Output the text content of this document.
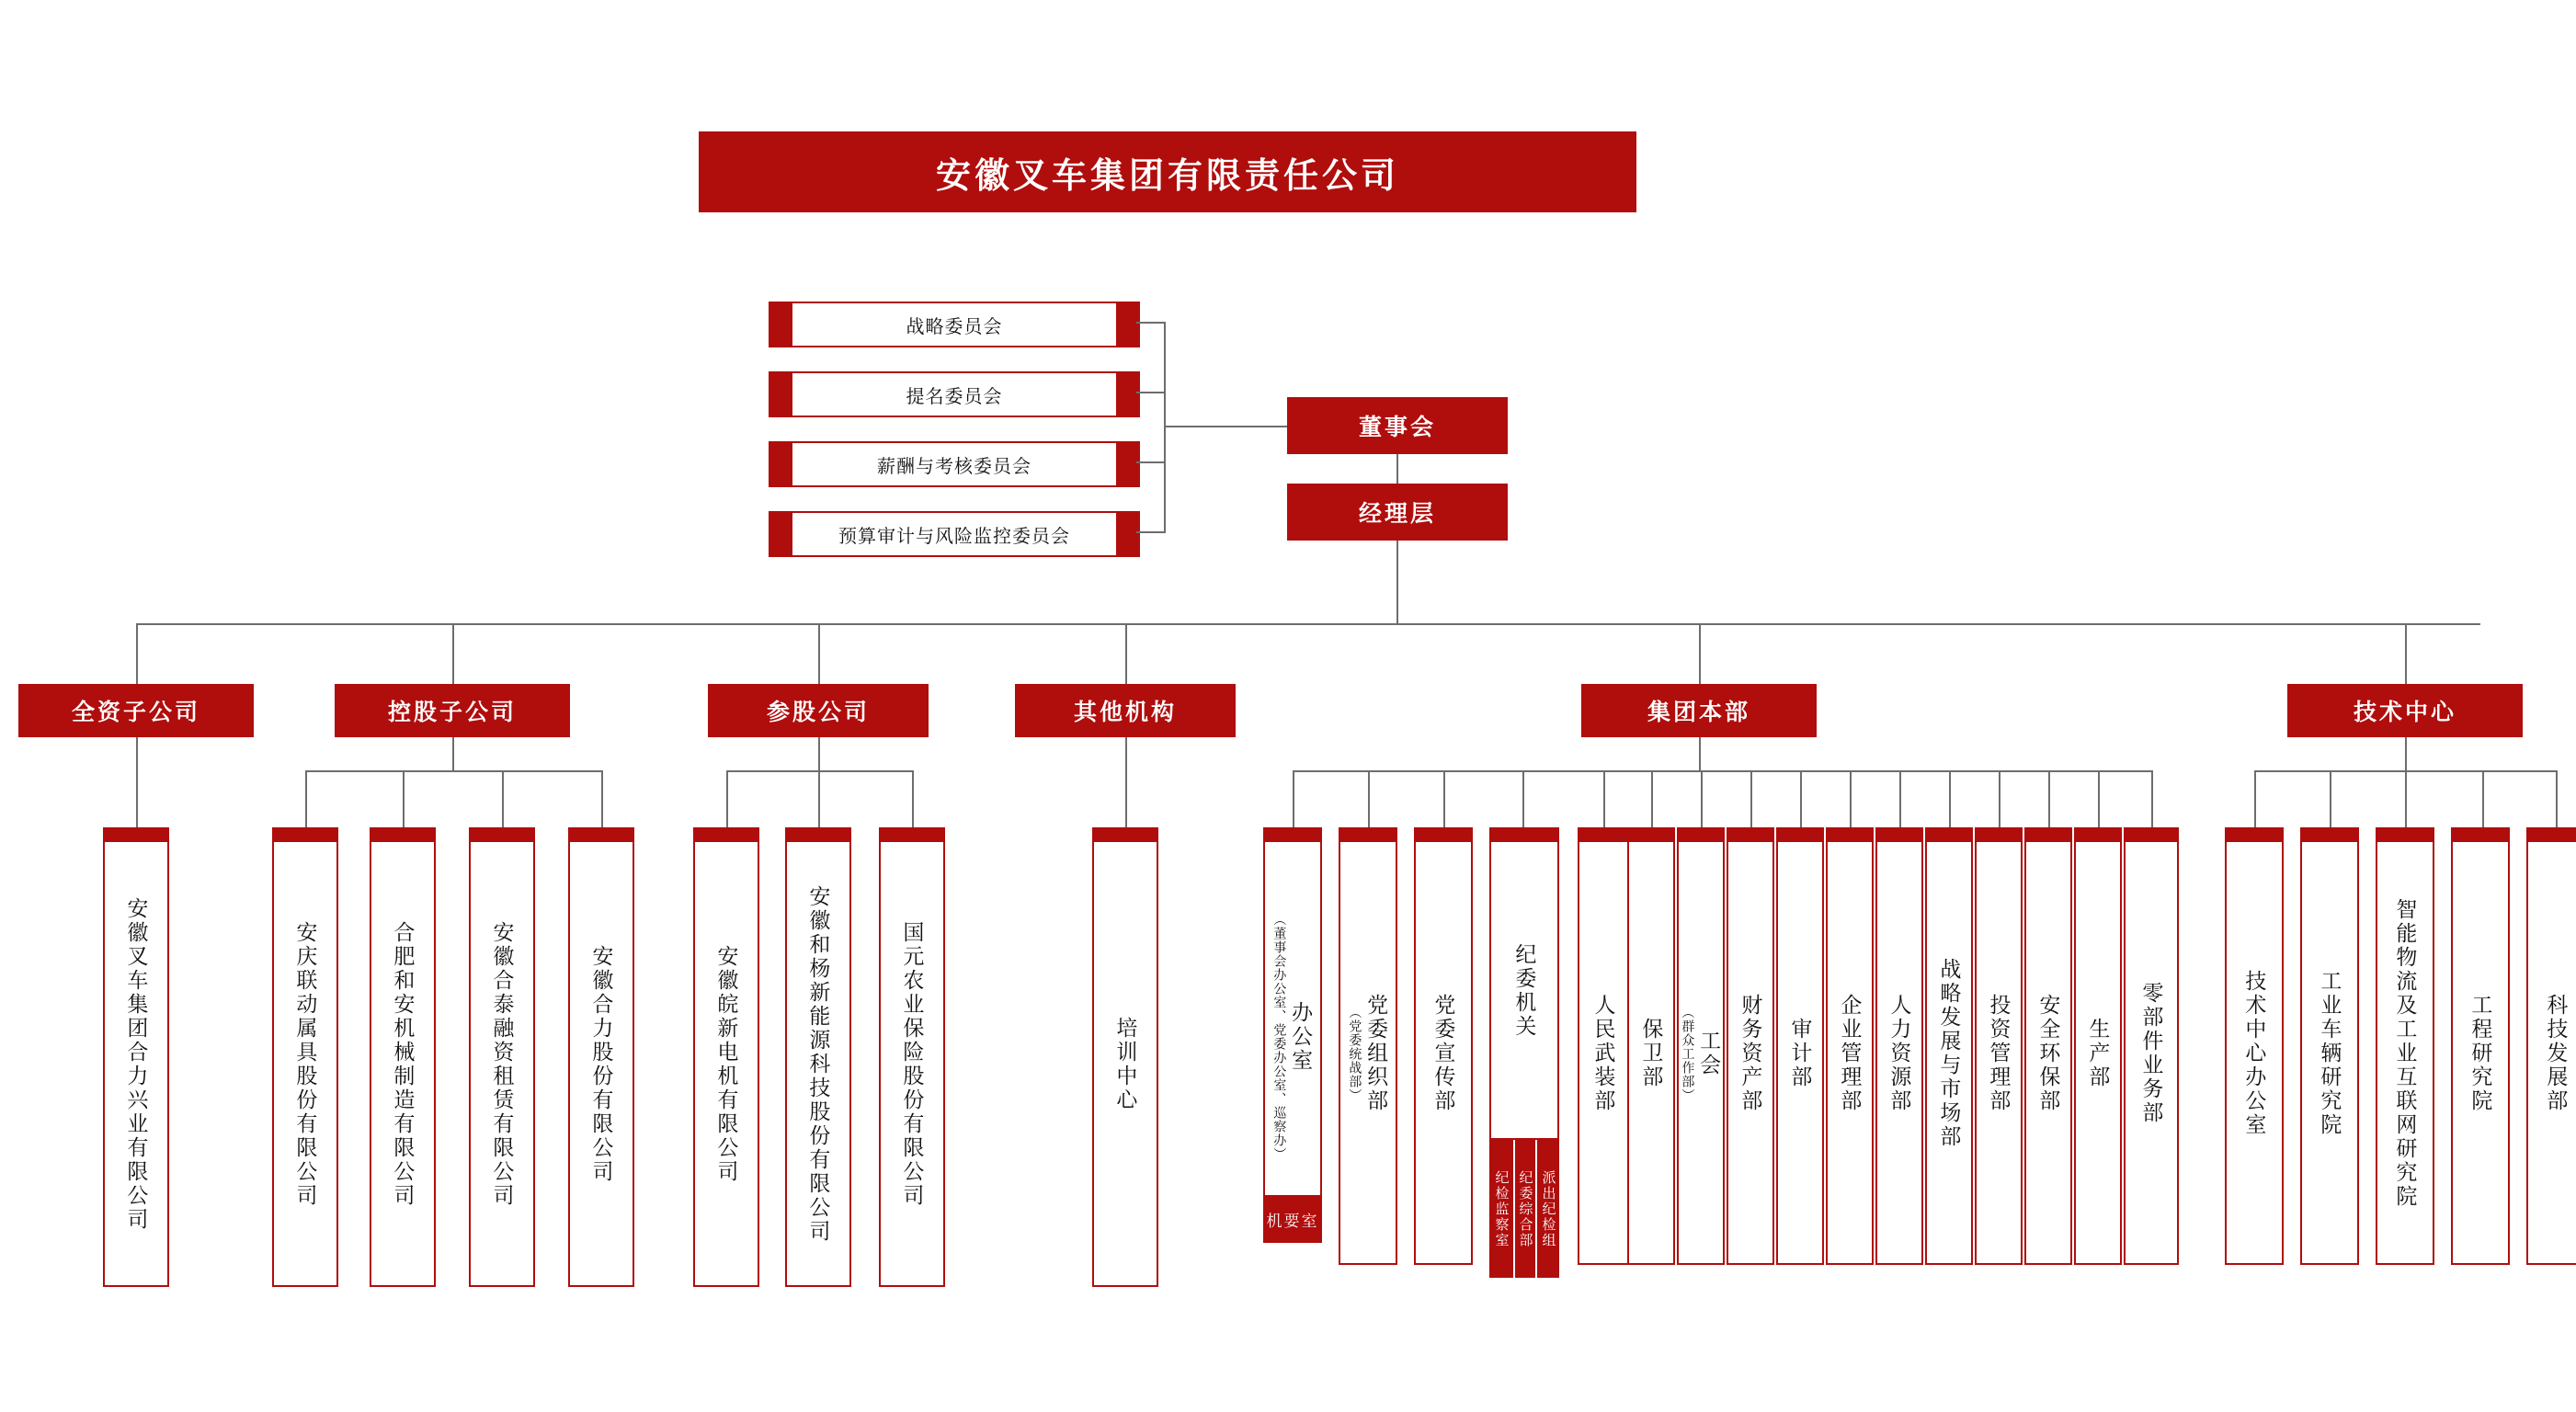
安徽叉车集团有限责任公司
战略委员会
提名委员会
薪酬与考核委员会
预算审计与风险监控委员会
董事会
经理层
全资子公司	控股子公司	参股公司	其他机构	集团本部	技术中心
安徽叉车集团合力兴业有限公司	安庆联动属具股份有限公司	合肥和安机械制造有限公司	安徽合泰融资租赁有限公司	安徽合力股份有限公司	安徽皖新电机有限公司	安徽和杨新能源科技股份有限公司	国元农业保险股份有限公司	培训中心	（董事会办公室、党委办公室、巡察办） 办公室
机要室
（党委统战部） 党委组织部 党委宣传部
纪委机关
纪检监察室 纪委综合部 派出纪检组
人民武装部 保卫部 （群众工作部） 工会 财务资产部 审计部 企业管理部 人力资源部 战略发展与市场部 投资管理部 安全环保部 生产部 零部件业务部	技术中心办公室 工业车辆研究院 智能物流及工业互联网研究院 工程研究院 科技发展部
